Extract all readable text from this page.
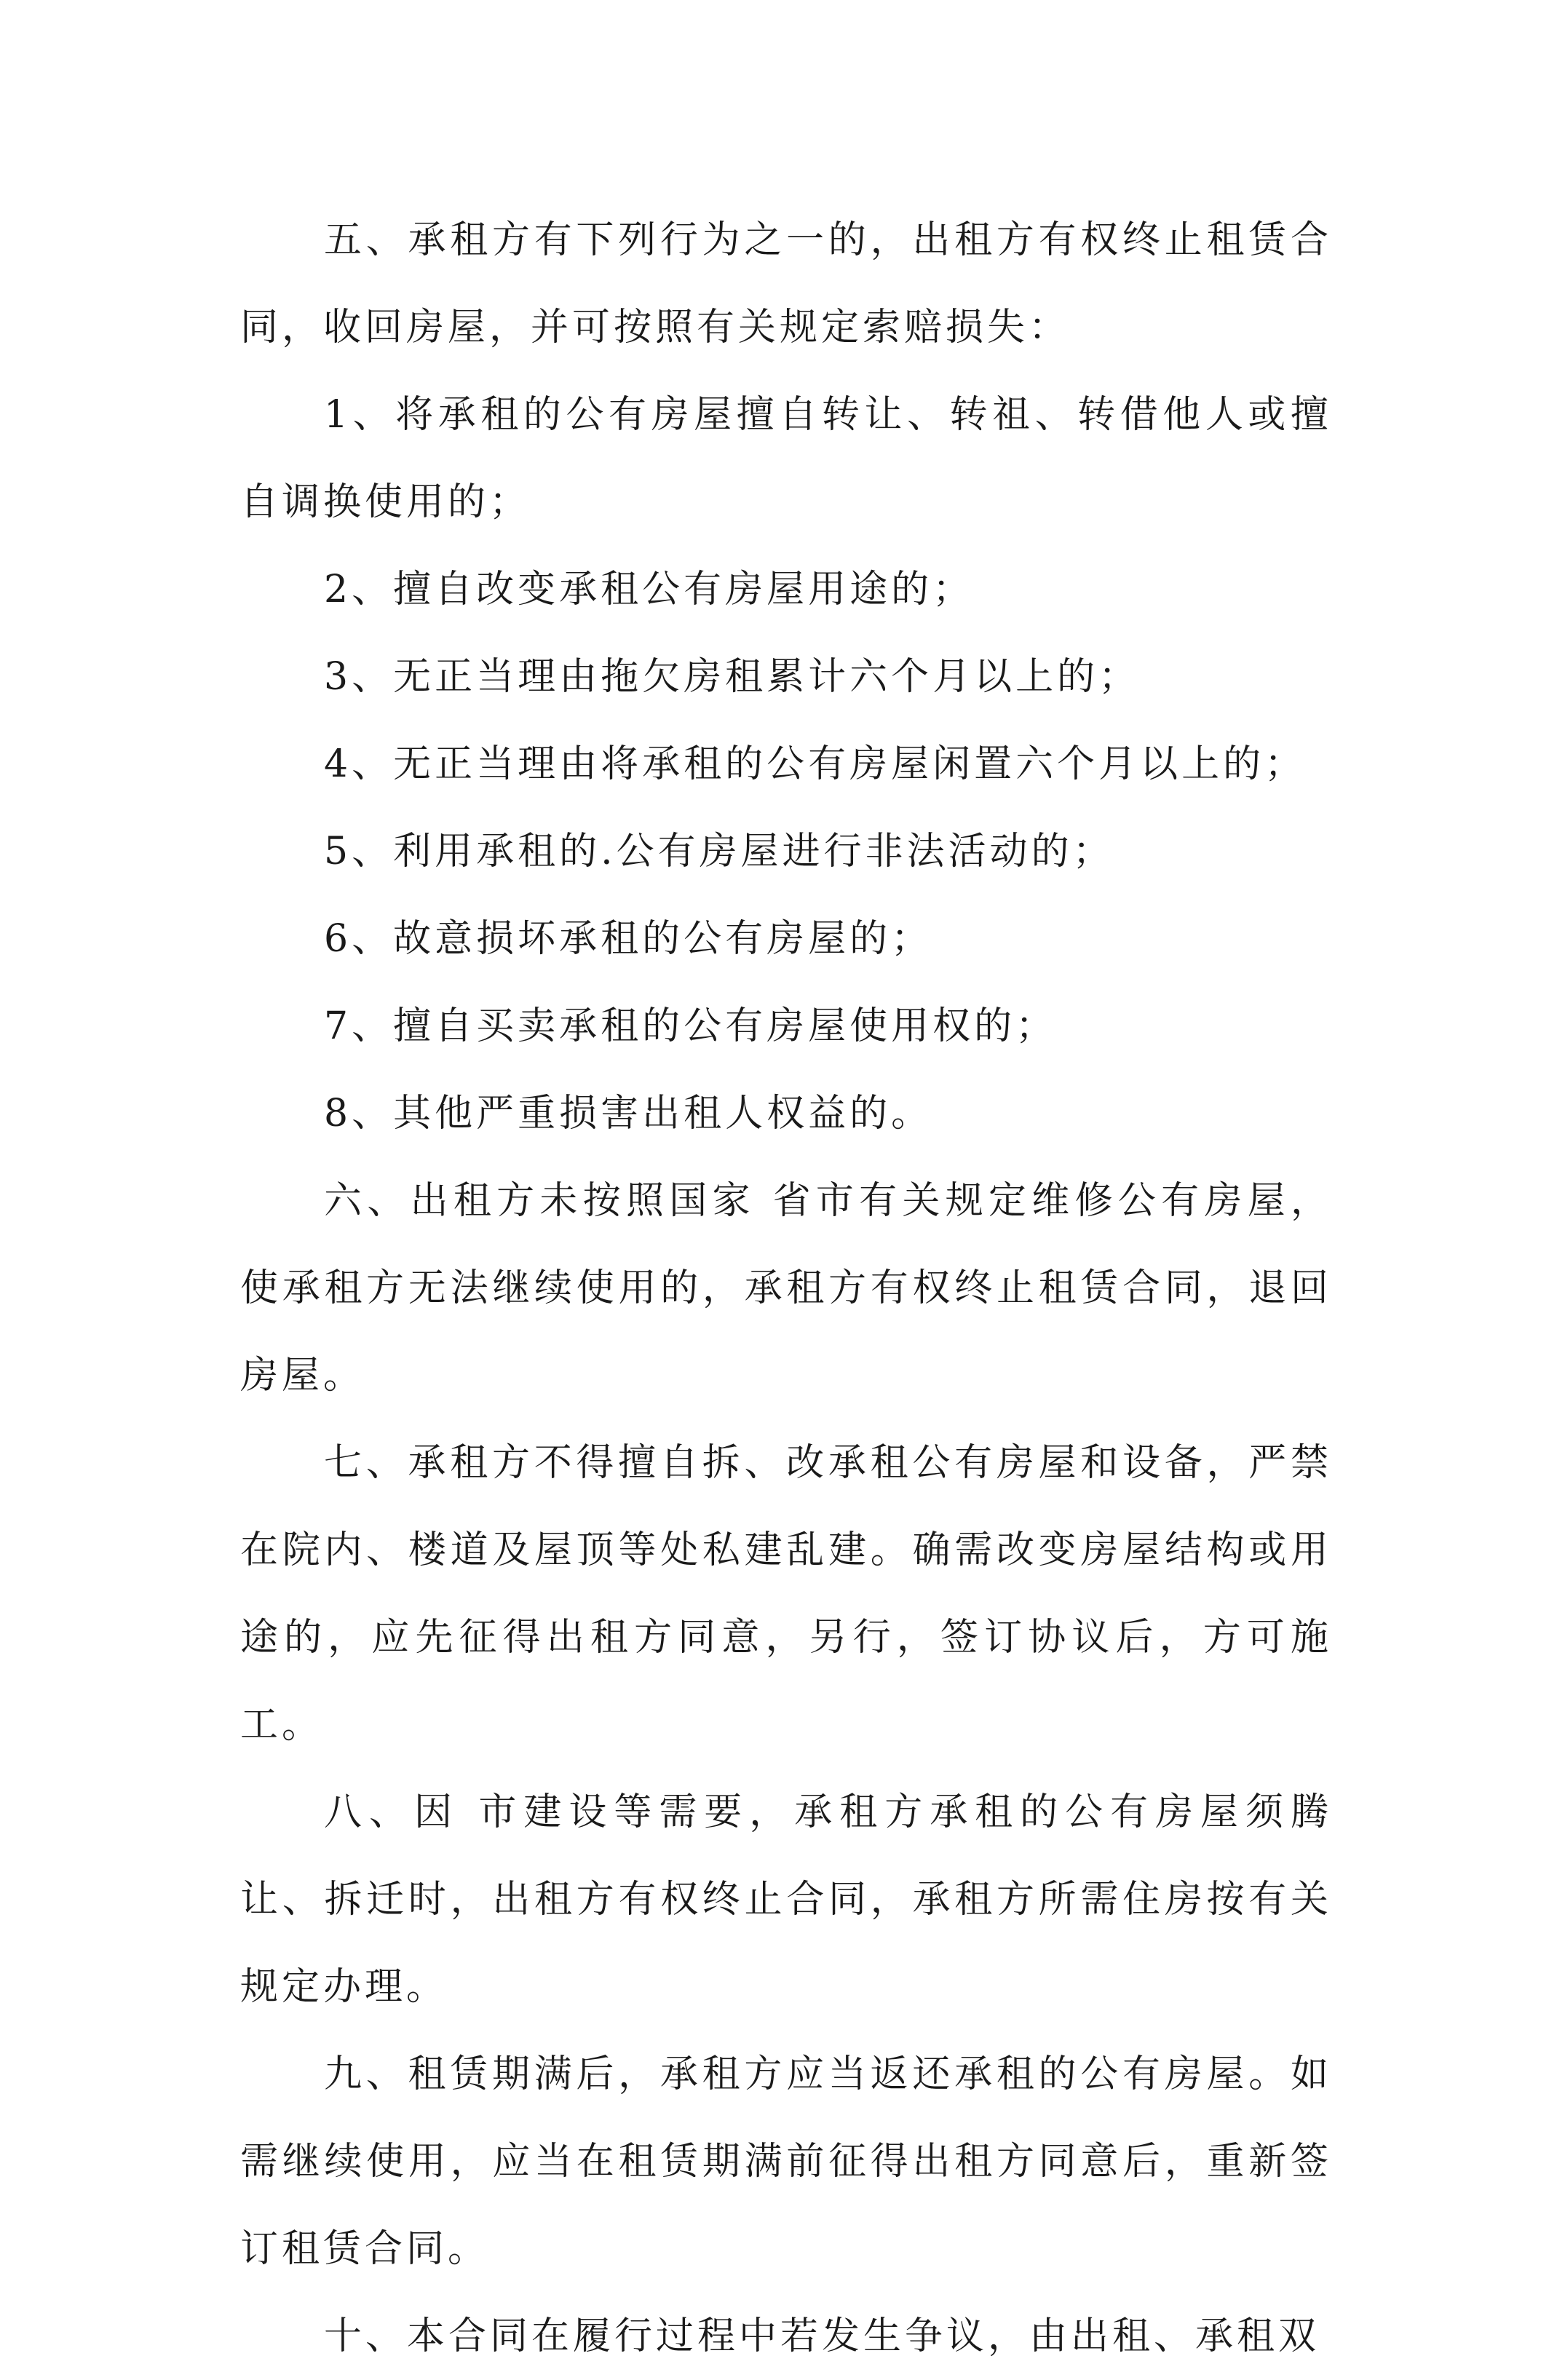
五、承租方有下列行为之一的，出租方有权终止租赁合同，收回房屋，并可按照有关规定索赔损失：

1、将承租的公有房屋擅自转让、转祖、转借他人或擅自调换使用的；

2、擅自改变承租公有房屋用途的；

3、无正当理由拖欠房租累计六个月以上的；

4、无正当理由将承租的公有房屋闲置六个月以上的；

5、利用承租的.公有房屋进行非法活动的；

6、故意损坏承租的公有房屋的；

7、擅自买卖承租的公有房屋使用权的；

8、其他严重损害出租人权益的。

六、出租方未按照国家 省市有关规定维修公有房屋，使承租方无法继续使用的，承租方有权终止租赁合同，退回房屋。

七、承租方不得擅自拆、改承租公有房屋和设备，严禁在院内、楼道及屋顶等处私建乱建。确需改变房屋结构或用途的，应先征得出租方同意，另行，签订协议后，方可施工。

八、因 市建设等需要，承租方承租的公有房屋须腾让、拆迁时，出租方有权终止合同，承租方所需住房按有关规定办理。

九、租赁期满后，承租方应当返还承租的公有房屋。如需继续使用，应当在租赁期满前征得出租方同意后，重新签订租赁合同。

十、本合同在履行过程中若发生争议，由出租、承租双
